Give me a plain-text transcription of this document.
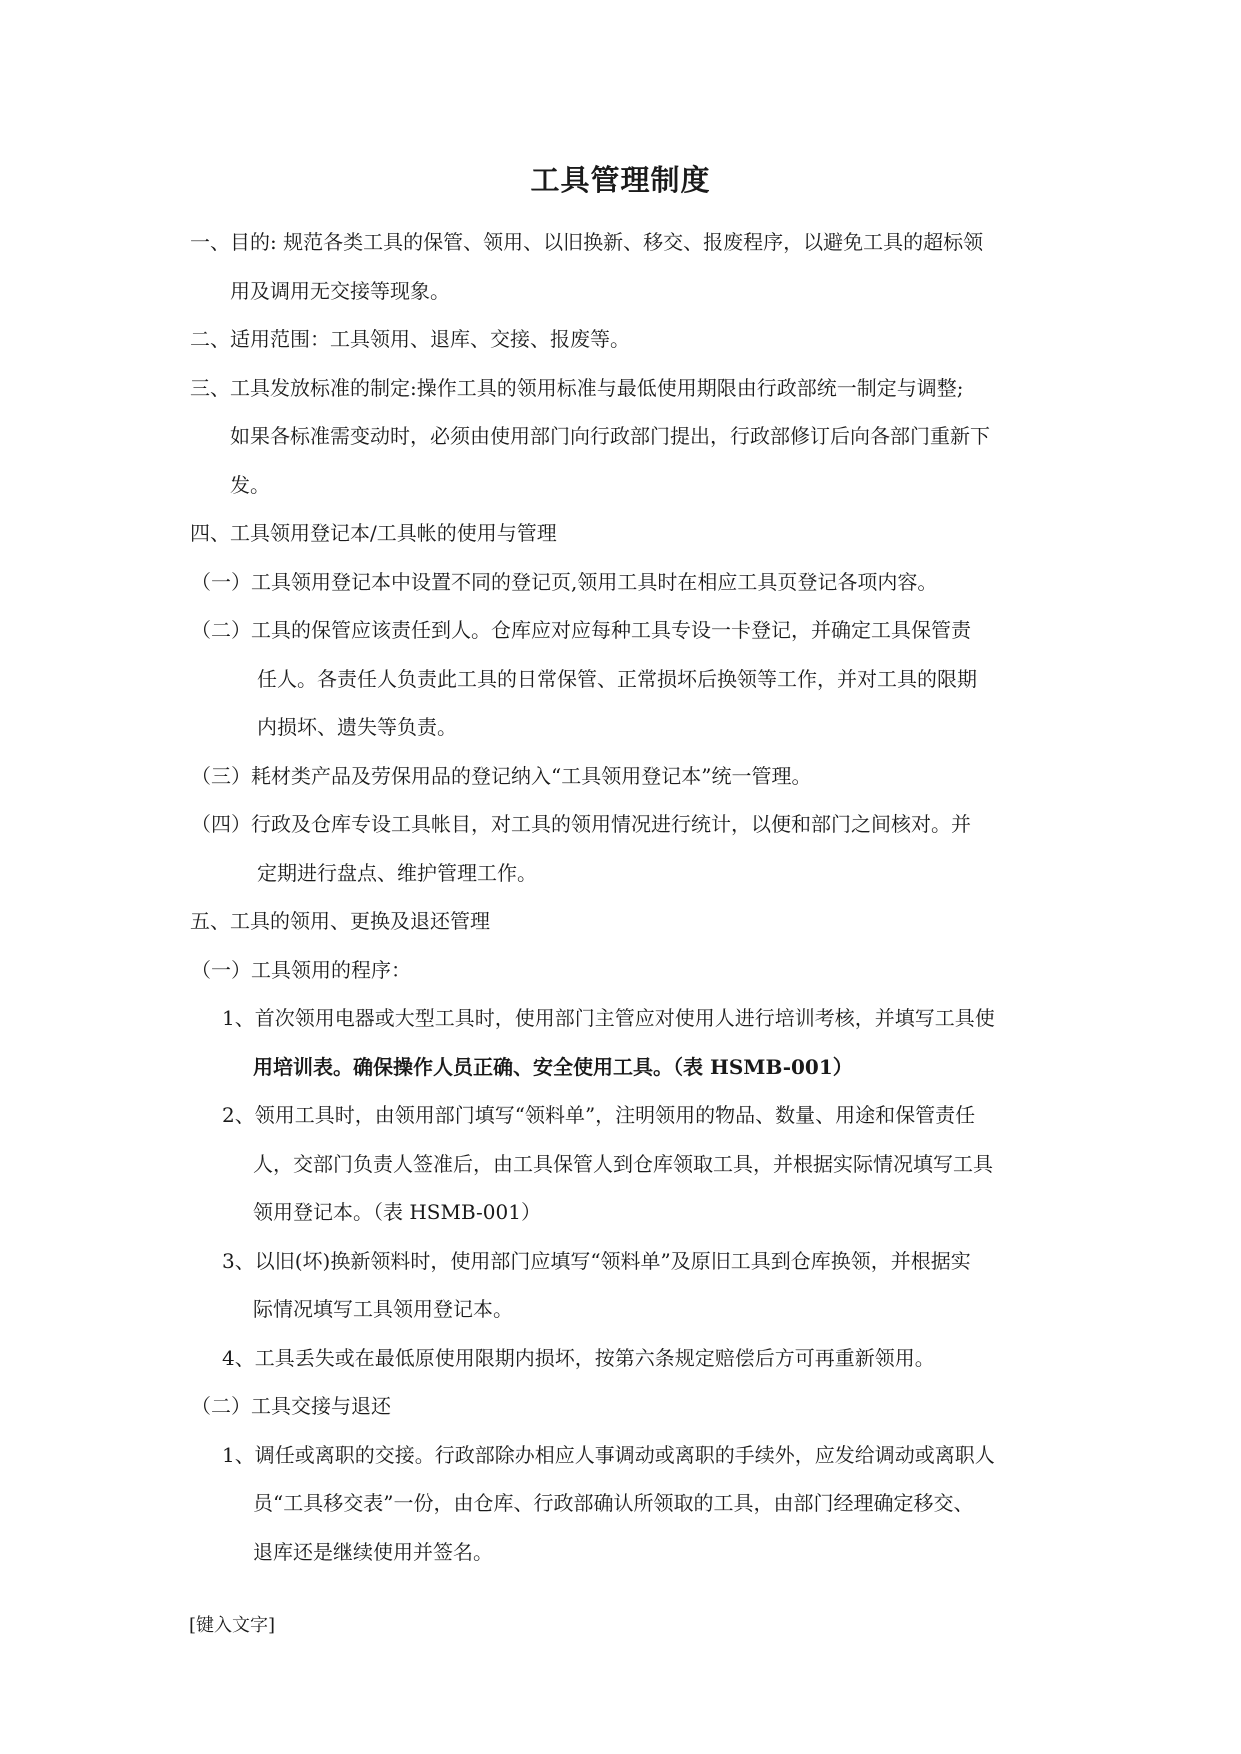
工具管理制度
一、目的: 规范各类工具的保管、领用、以旧换新、移交、报废程序，以避免工具的超标领
用及调用无交接等现象。
二、适用范围：工具领用、退库、交接、报废等。
三、工具发放标准的制定:操作工具的领用标准与最低使用期限由行政部统一制定与调整;
如果各标准需变动时，必须由使用部门向行政部门提出，行政部修订后向各部门重新下
发。
四、工具领用登记本/工具帐的使用与管理
（一）工具领用登记本中设置不同的登记页,领用工具时在相应工具页登记各项内容。
（二）工具的保管应该责任到人。仓库应对应每种工具专设一卡登记，并确定工具保管责
任人。各责任人负责此工具的日常保管、正常损坏后换领等工作，并对工具的限期
内损坏、遗失等负责。
（三）耗材类产品及劳保用品的登记纳入“工具领用登记本”统一管理。
（四）行政及仓库专设工具帐目，对工具的领用情况进行统计，以便和部门之间核对。并
定期进行盘点、维护管理工作。
五、工具的领用、更换及退还管理
（一）工具领用的程序：
1、首次领用电器或大型工具时，使用部门主管应对使用人进行培训考核，并填写工具使
用培训表。确保操作人员正确、安全使用工具。（表 HSMB-001）
2、领用工具时，由领用部门填写“领料单”，注明领用的物品、数量、用途和保管责任
人，交部门负责人签准后，由工具保管人到仓库领取工具，并根据实际情况填写工具
领用登记本。（表 HSMB-001）
3、以旧(坏)换新领料时，使用部门应填写“领料单”及原旧工具到仓库换领，并根据实
际情况填写工具领用登记本。
4、工具丢失或在最低原使用限期内损坏，按第六条规定赔偿后方可再重新领用。
（二）工具交接与退还
1、调任或离职的交接。行政部除办相应人事调动或离职的手续外，应发给调动或离职人
员“工具移交表”一份，由仓库、行政部确认所领取的工具，由部门经理确定移交、
退库还是继续使用并签名。
[键入文字]
